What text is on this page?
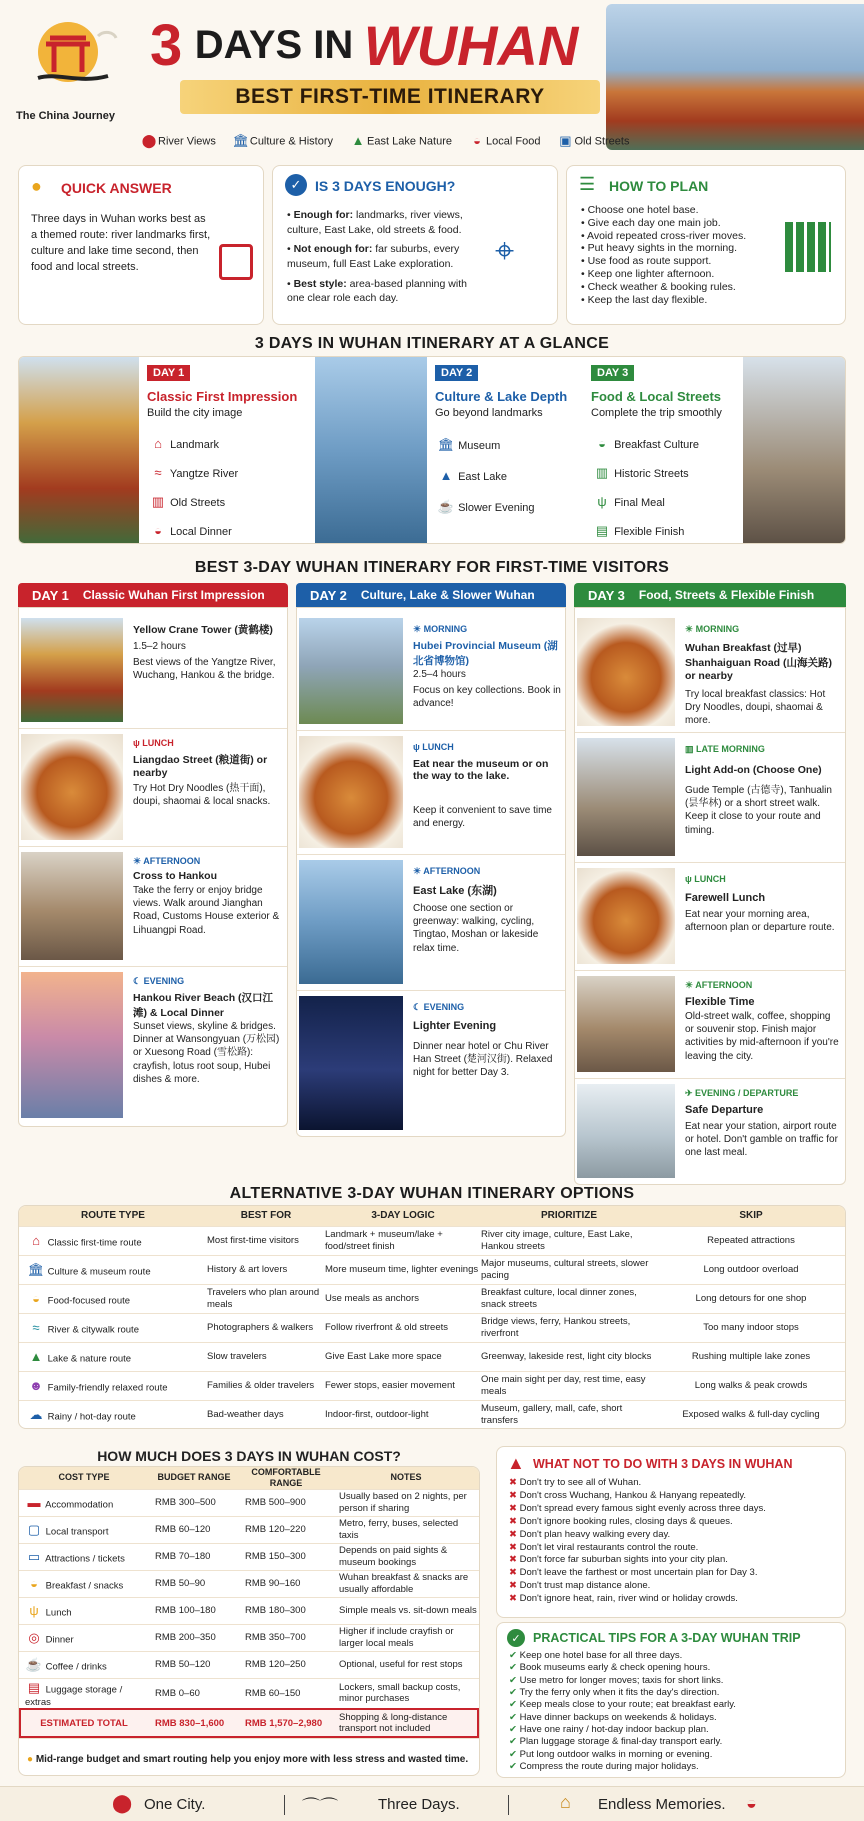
The China Journey
3 DAYS IN WUHAN
BEST FIRST-TIME ITINERARY
⬤ River Views 🏛Culture & History ▲ East Lake Nature	◒ Local Food ▣ Old Streets
● QUICK ANSWER
Three days in Wuhan works best as a themed route: river landmarks first, culture and lake time second, then food and local streets.
✓ IS 3 DAYS ENOUGH?
• Enough for: landmarks, river views, culture, East Lake, old streets & food.
• Not enough for: far suburbs, every museum, full East Lake exploration.
• Best style: area-based planning with one clear role each day.
⌖
☰ HOW TO PLAN
• Choose one hotel base.
• Give each day one main job.
• Avoid repeated cross-river moves.
• Put heavy sights in the morning.
• Use food as route support.
• Keep one lighter afternoon.
• Check weather & booking rules.
• Keep the last day flexible.
3 DAYS IN WUHAN ITINERARY AT A GLANCE
DAY 1
Classic First Impression
Build the city image
⌂ Landmark
≈ Yangtze River
▥ Old Streets
◒ Local Dinner
DAY 2
Culture & Lake Depth
Go beyond landmarks
🏛 Museum
▲ East Lake
☕ Slower Evening
DAY 3
Food & Local Streets
Complete the trip smoothly
◒ Breakfast Culture
▥ Historic Streets
ψ Final Meal
▤ Flexible Finish
BEST 3-DAY WUHAN ITINERARY FOR FIRST-TIME VISITORS
DAY 1 Classic Wuhan First Impression
Yellow Crane Tower (黄鹤楼)
1.5–2 hours
Best views of the Yangtze River, Wuchang, Hankou & the bridge.
ψ LUNCH
Liangdao Street (粮道街) or nearby
Try Hot Dry Noodles (热干面), doupi, shaomai & local snacks.
☀ AFTERNOON
Cross to Hankou
Take the ferry or enjoy bridge views. Walk around Jianghan Road, Customs House exterior & Lihuangpi Road.
☾ EVENING
Hankou River Beach (汉口江滩) & Local Dinner
Sunset views, skyline & bridges. Dinner at Wansongyuan (万松园) or Xuesong Road (雪松路): crayfish, lotus root soup, Hubei dishes & more.
DAY 2 Culture, Lake & Slower Wuhan
☀ MORNING
Hubei Provincial Museum (湖北省博物馆)
2.5–4 hours
Focus on key collections. Book in advance!
ψ LUNCH
Eat near the museum or on the way to the lake.
Keep it convenient to save time and energy.
☀ AFTERNOON
East Lake (东湖)
Choose one section or greenway: walking, cycling, Tingtao, Moshan or lakeside relax time.
☾ EVENING
Lighter Evening
Dinner near hotel or Chu River Han Street (楚河汉街). Relaxed night for better Day 3.
DAY 3 Food, Streets & Flexible Finish
☀ MORNING
Wuhan Breakfast (过早) Shanhaiguan Road (山海关路) or nearby
Try local breakfast classics: Hot Dry Noodles, doupi, shaomai & more.
▥ LATE MORNING
Light Add-on (Choose One)
Gude Temple (古德寺), Tanhualin (昙华林) or a short street walk. Keep it close to your route and timing.
ψ LUNCH
Farewell Lunch
Eat near your morning area, afternoon plan or departure route.
☀ AFTERNOON
Flexible Time
Old-street walk, coffee, shopping or souvenir stop. Finish major activities by mid-afternoon if you're leaving the city.
✈ EVENING / DEPARTURE
Safe Departure
Eat near your station, airport route or hotel. Don't gamble on traffic for one last meal.
ALTERNATIVE 3-DAY WUHAN ITINERARY OPTIONS
ROUTE TYPE	BEST FOR	3-DAY LOGIC	PRIORITIZE	SKIP
⌂ Classic first-time route	Most first-time visitors	Landmark + museum/lake + food/street finish	River city image, culture, East Lake, Hankou streets	Repeated attractions
🏛 Culture & museum route	History & art lovers	More museum time, lighter evenings	Major museums, cultural streets, slower pacing	Long outdoor overload
◒ Food-focused route	Travelers who plan around meals	Use meals as anchors	Breakfast culture, local dinner zones, snack streets	Long detours for one shop
≈ River & citywalk route	Photographers & walkers	Follow riverfront & old streets	Bridge views, ferry, Hankou streets, riverfront	Too many indoor stops
▲ Lake & nature route	Slow travelers	Give East Lake more space	Greenway, lakeside rest, light city blocks	Rushing multiple lake zones
☻ Family-friendly relaxed route	Families & older travelers	Fewer stops, easier movement	One main sight per day, rest time, easy meals	Long walks & peak crowds
☁ Rainy / hot-day route	Bad-weather days	Indoor-first, outdoor-light	Museum, gallery, mall, cafe, short transfers	Exposed walks & full-day cycling
HOW MUCH DOES 3 DAYS IN WUHAN COST?
COST TYPE	BUDGET RANGE	COMFORTABLE RANGE	NOTES
▬ Accommodation	RMB 300–500	RMB 500–900	Usually based on 2 nights, per person if sharing
▢ Local transport	RMB 60–120	RMB 120–220	Metro, ferry, buses, selected taxis
▭ Attractions / tickets	RMB 70–180	RMB 150–300	Depends on paid sights & museum bookings
◒ Breakfast / snacks	RMB 50–90	RMB 90–160	Wuhan breakfast & snacks are usually affordable
ψ Lunch	RMB 100–180	RMB 180–300	Simple meals vs. sit-down meals
◎ Dinner	RMB 200–350	RMB 350–700	Higher if include crayfish or larger local meals
☕ Coffee / drinks	RMB 50–120	RMB 120–250	Optional, useful for rest stops
▤ Luggage storage / extras	RMB 0–60	RMB 60–150	Lockers, small backup costs, minor purchases
ESTIMATED TOTAL	RMB 830–1,600	RMB 1,570–2,980	Shopping & long-distance transport not included
● Mid-range budget and smart routing help you enjoy more with less stress and wasted time.
▲ WHAT NOT TO DO WITH 3 DAYS IN WUHAN
✖ Don't try to see all of Wuhan.
✖ Don't cross Wuchang, Hankou & Hanyang repeatedly.
✖ Don't spread every famous sight evenly across three days.
✖ Don't ignore booking rules, closing days & queues.
✖ Don't plan heavy walking every day.
✖ Don't let viral restaurants control the route.
✖ Don't force far suburban sights into your city plan.
✖ Don't leave the farthest or most uncertain plan for Day 3.
✖ Don't trust map distance alone.
✖ Don't ignore heat, rain, river wind or holiday crowds.
✓ PRACTICAL TIPS FOR A 3-DAY WUHAN TRIP
✔ Keep one hotel base for all three days.
✔ Book museums early & check opening hours.
✔ Use metro for longer moves; taxis for short links.
✔ Try the ferry only when it fits the day's direction.
✔ Keep meals close to your route; eat breakfast early.
✔ Have dinner backups on weekends & holidays.
✔ Have one rainy / hot-day indoor backup plan.
✔ Plan luggage storage & final-day transport early.
✔ Put long outdoor walks in morning or evening.
✔ Compress the route during major holidays.
⬤ One City.	⌒⌒	Three Days.	⌂ Endless Memories. ◒
